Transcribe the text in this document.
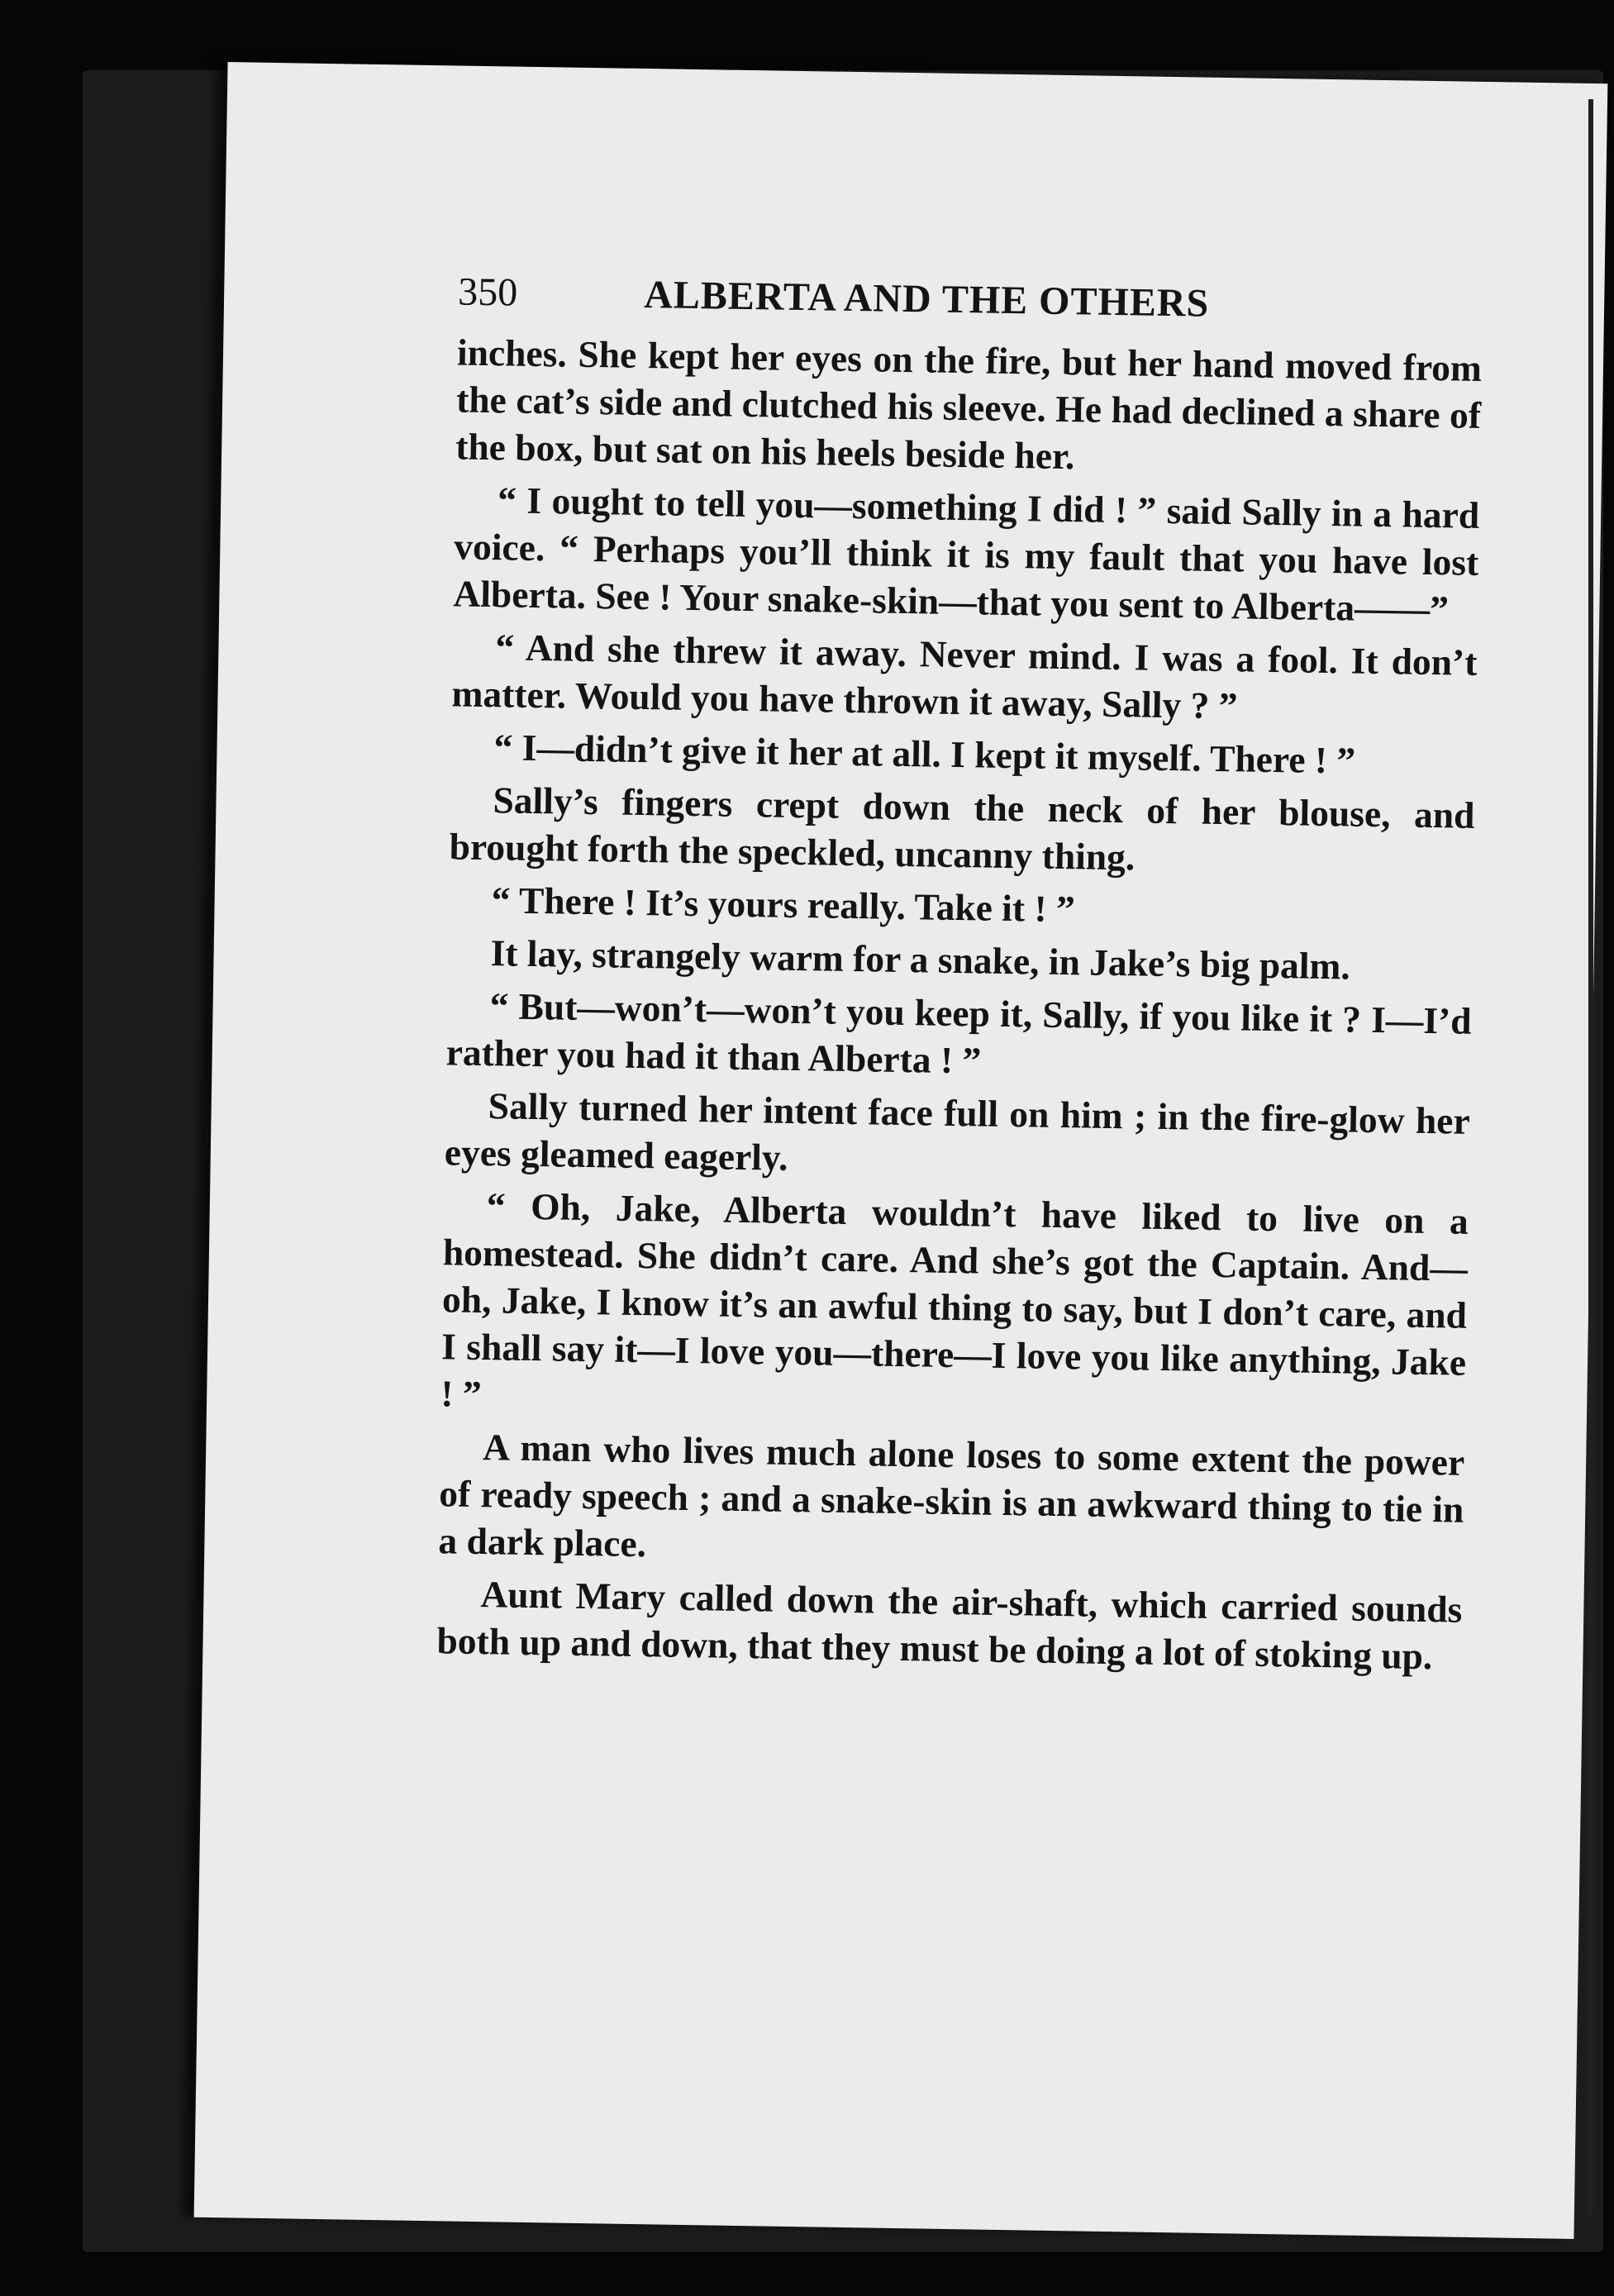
350	ALBERTA AND THE OTHERS

inches. She kept her eyes on the fire, but her hand moved from the cat’s side and clutched his sleeve. He had declined a share of the box, but sat on his heels beside her.

“ I ought to tell you—something I did ! ” said Sally in a hard voice. “ Perhaps you’ll think it is my fault that you have lost Alberta. See ! Your snake-skin—that you sent to Alberta——”

“ And she threw it away. Never mind. I was a fool. It don’t matter. Would you have thrown it away, Sally ? ”

“ I—didn’t give it her at all. I kept it myself. There ! ”

Sally’s fingers crept down the neck of her blouse, and brought forth the speckled, uncanny thing.

“ There ! It’s yours really. Take it ! ”

It lay, strangely warm for a snake, in Jake’s big palm.

“ But—won’t—won’t you keep it, Sally, if you like it ? I—I’d rather you had it than Alberta ! ”

Sally turned her intent face full on him ; in the fire-glow her eyes gleamed eagerly.

“ Oh, Jake, Alberta wouldn’t have liked to live on a homestead. She didn’t care. And she’s got the Captain. And—oh, Jake, I know it’s an awful thing to say, but I don’t care, and I shall say it—I love you—there—I love you like anything, Jake ! ”

A man who lives much alone loses to some extent the power of ready speech ; and a snake-skin is an awkward thing to tie in a dark place.

Aunt Mary called down the air-shaft, which carried sounds both up and down, that they must be doing a lot of stoking up.
